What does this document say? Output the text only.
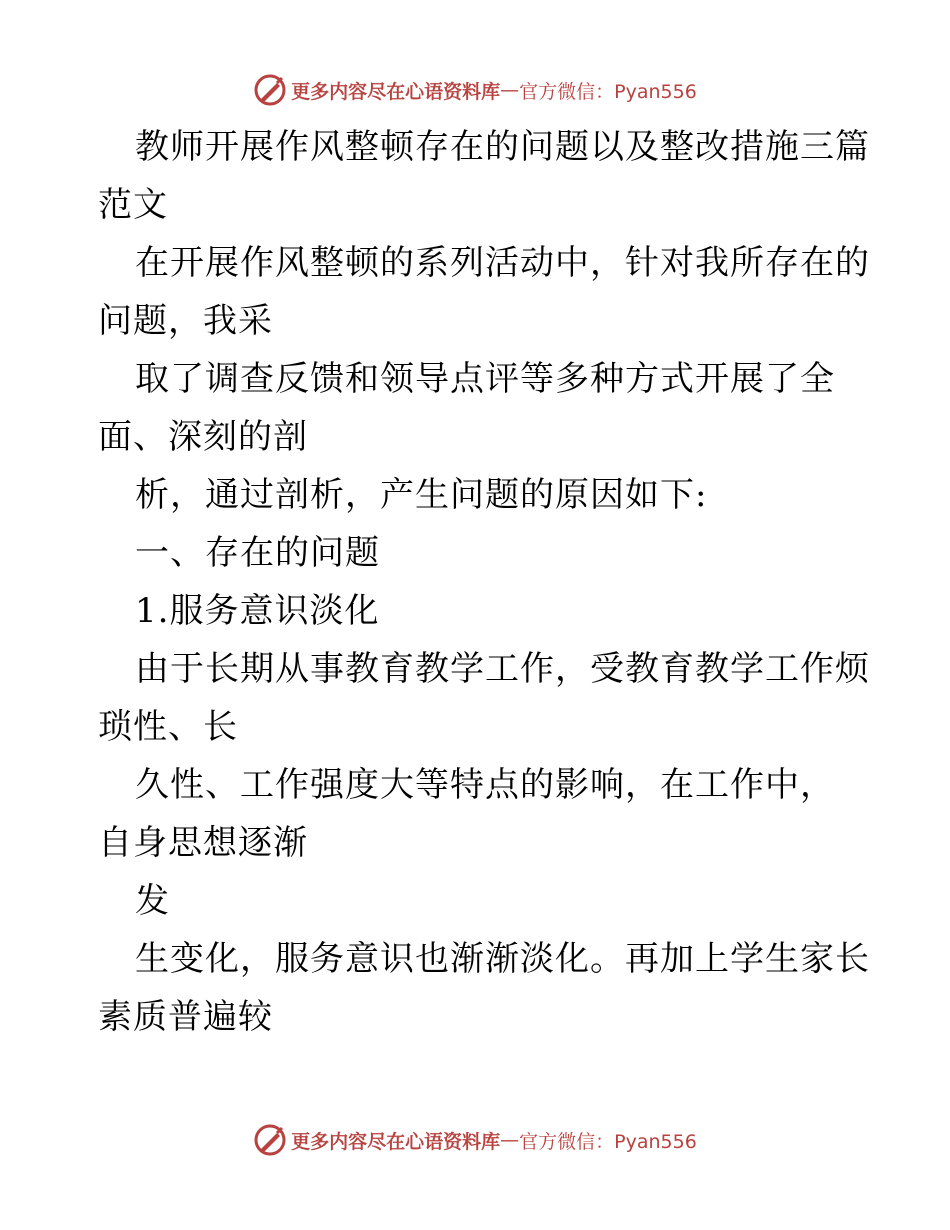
更多内容尽在心语资料库 — 官方微信：Pyan556
教师开展作风整顿存在的问题以及整改措施三篇
范文
在开展作风整顿的系列活动中，针对我所存在的
问题，我采
取了调查反馈和领导点评等多种方式开展了全
面、深刻的剖
析，通过剖析，产生问题的原因如下:
一、存在的问题
1.服务意识淡化
由于长期从事教育教学工作，受教育教学工作烦
琐性、长
久性、工作强度大等特点的影响，在工作中，
自身思想逐渐
发
生变化，服务意识也渐渐淡化。再加上学生家长
素质普遍较
更多内容尽在心语资料库 — 官方微信：Pyan556
